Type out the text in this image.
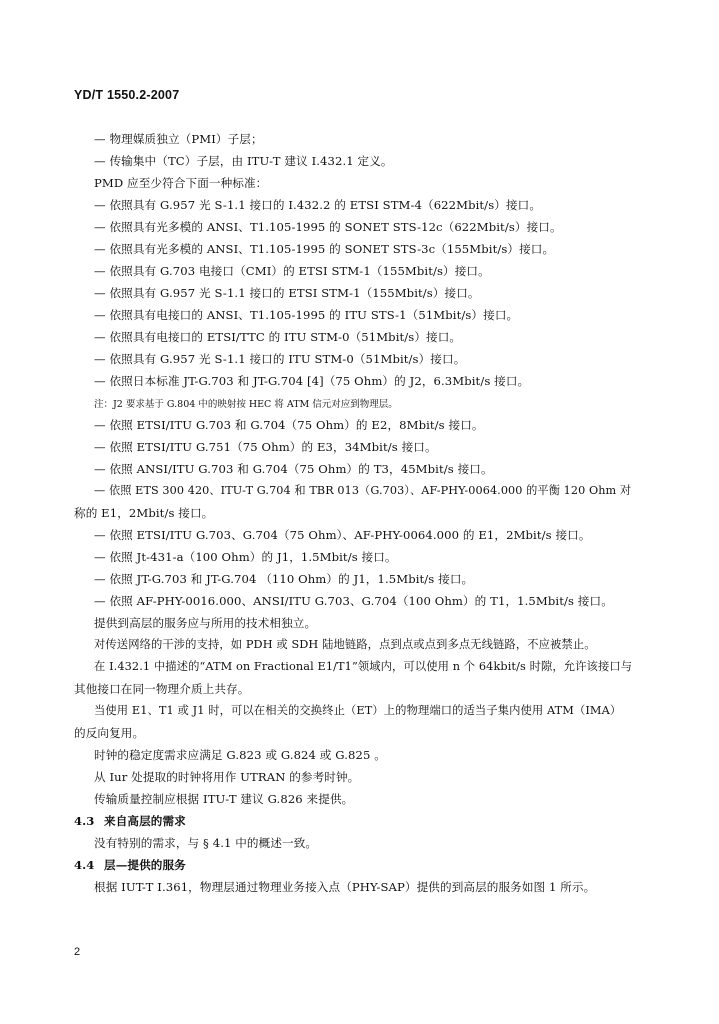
YD/T 1550.2-2007
— 物理媒质独立（PMI）子层；
— 传输集中（TC）子层，由 ITU-T 建议 I.432.1 定义。
PMD 应至少符合下面一种标准：
— 依照具有 G.957 光 S-1.1 接口的 I.432.2 的 ETSI STM-4（622Mbit/s）接口。
— 依照具有光多模的 ANSI、T1.105-1995 的 SONET STS-12c（622Mbit/s）接口。
— 依照具有光多模的 ANSI、T1.105-1995 的 SONET STS-3c（155Mbit/s）接口。
— 依照具有 G.703 电接口（CMI）的 ETSI STM-1（155Mbit/s）接口。
— 依照具有 G.957 光 S-1.1 接口的 ETSI STM-1（155Mbit/s）接口。
— 依照具有电接口的 ANSI、T1.105-1995 的 ITU STS-1（51Mbit/s）接口。
— 依照具有电接口的 ETSI/TTC 的 ITU STM-0（51Mbit/s）接口。
— 依照具有 G.957 光 S-1.1 接口的 ITU STM-0（51Mbit/s）接口。
— 依照日本标准 JT-G.703 和 JT-G.704 [4]（75 Ohm）的 J2，6.3Mbit/s 接口。
注：J2 要求基于 G.804 中的映射按 HEC 将 ATM 信元对应到物理层。
— 依照 ETSI/ITU G.703 和 G.704（75 Ohm）的 E2，8Mbit/s 接口。
— 依照 ETSI/ITU G.751（75 Ohm）的 E3，34Mbit/s 接口。
— 依照 ANSI/ITU G.703 和 G.704（75 Ohm）的 T3，45Mbit/s 接口。
— 依照 ETS 300 420、ITU-T G.704 和 TBR 013（G.703）、AF-PHY-0064.000 的平衡 120 Ohm 对
称的 E1，2Mbit/s 接口。
— 依照 ETSI/ITU G.703、G.704（75 Ohm）、AF-PHY-0064.000 的 E1，2Mbit/s 接口。
— 依照 Jt-431-a（100 Ohm）的 J1，1.5Mbit/s 接口。
— 依照 JT-G.703 和 JT-G.704 （110 Ohm）的 J1，1.5Mbit/s 接口。
— 依照 AF-PHY-0016.000、ANSI/ITU G.703、G.704（100 Ohm）的 T1，1.5Mbit/s 接口。
提供到高层的服务应与所用的技术相独立。
对传送网络的干涉的支持，如 PDH 或 SDH 陆地链路，点到点或点到多点无线链路，不应被禁止。
在 I.432.1 中描述的“ATM on Fractional E1/T1”领域内，可以使用 n 个 64kbit/s 时隙，允许该接口与
其他接口在同一物理介质上共存。
当使用 E1、T1 或 J1 时，可以在相关的交换终止（ET）上的物理端口的适当子集内使用 ATM（IMA）
的反向复用。
时钟的稳定度需求应满足 G.823 或 G.824 或 G.825 。
从 Iur 处提取的时钟将用作 UTRAN 的参考时钟。
传输质量控制应根据 ITU-T 建议 G.826 来提供。
4.3 来自高层的需求
没有特别的需求，与 § 4.1 中的概述一致。
4.4 层—提供的服务
根据 IUT-T I.361，物理层通过物理业务接入点（PHY-SAP）提供的到高层的服务如图 1 所示。
2
